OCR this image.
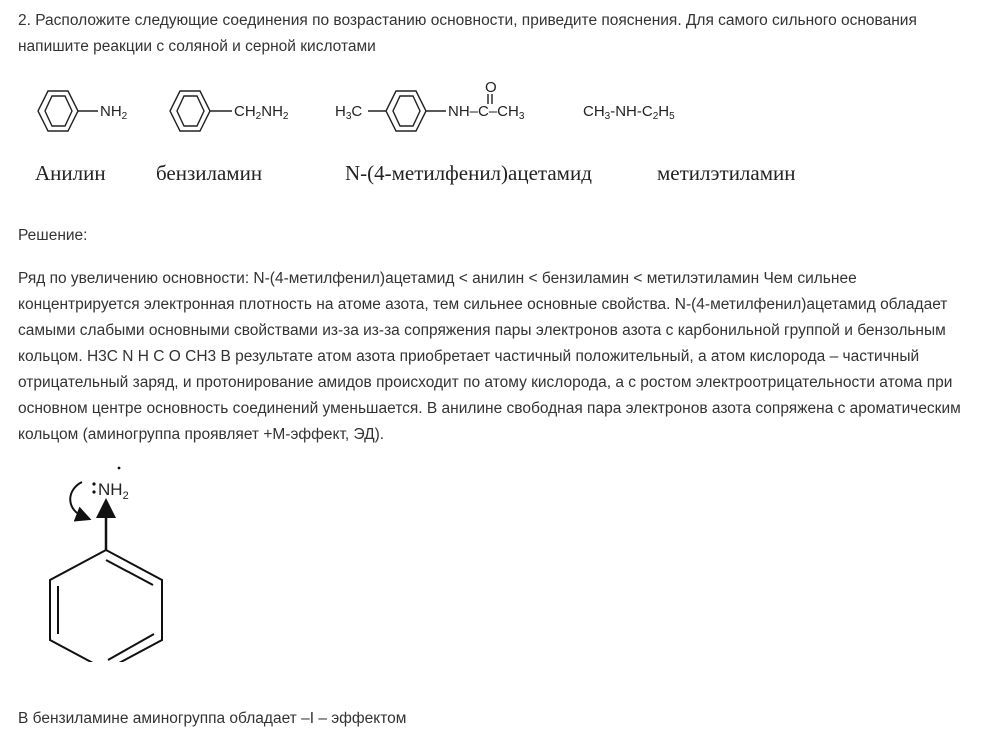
2. Расположите следующие соединения по возрастанию основности, приведите пояснения. Для самого сильного основания напишите реакции с соляной и серной кислотами

$NH_2$	$CH_2NH_2$	$H_3C$
O
$NH-C-CH_3$	$CH_3-NH-C_2H_5$
Анилин бензиламин	N-(4-метилфенил)ацетамид	метилэтиламин

Решение:

Ряд по увеличению основности: N-(4-метилфенил)ацетамид < анилин < бензиламин < метилэтиламин Чем сильнее концентрируется электронная плотность на атоме азота, тем сильнее основные свойства. N-(4-метилфенил)ацетамид обладает самыми слабыми основными свойствами из-за из-за сопряжения пары электронов азота с карбонильной группой и бензольным кольцом. H3C N H C O CH3 В результате атом азота приобретает частичный положительный, а атом кислорода – частичный отрицательный заряд, и протонирование амидов происходит по атому кислорода, а с ростом электроотрицательности атома при основном центре основность соединений уменьшается. В анилине свободная пара электронов азота сопряжена с ароматическим кольцом (аминогруппа проявляет +M-эффект, ЭД).

$NH_2$

В бензиламине аминогруппа обладает –I – эффектом
